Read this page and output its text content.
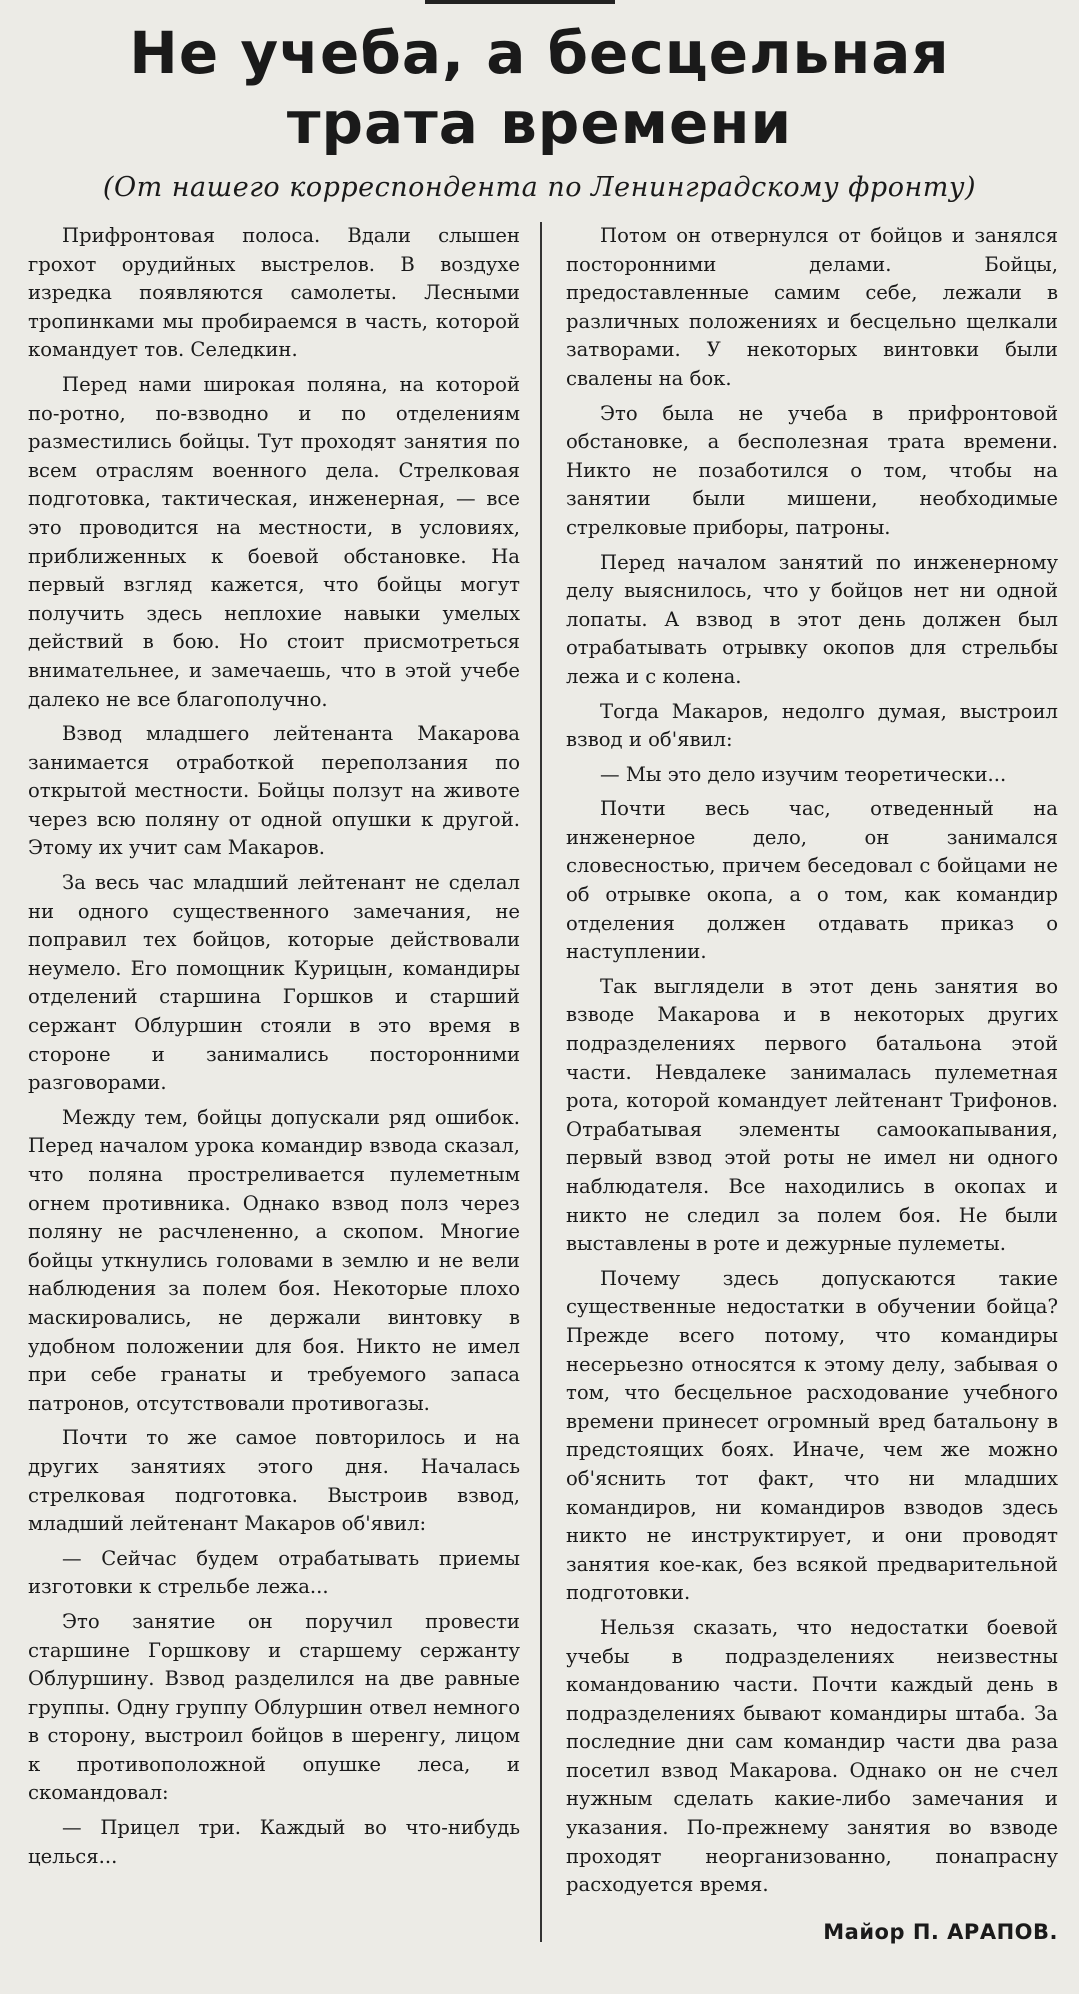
Не учеба, а бесцельная
трата времени
(От нашего корреспондента по Ленинградскому фронту)

Прифронтовая полоса. Вдали слышен грохот орудийных выстрелов. В воздухе изредка появляются самолеты. Лесными тропинками мы пробираемся в часть, которой командует тов. Селедкин.

Перед нами широкая поляна, на которой по-ротно, по-взводно и по отделениям разместились бойцы. Тут проходят занятия по всем отраслям военного дела. Стрелковая подготовка, тактическая, инженерная, — все это проводится на местности, в условиях, приближенных к боевой обстановке. На первый взгляд кажется, что бойцы могут получить здесь неплохие навыки умелых действий в бою. Но стоит присмотреться внимательнее, и замечаешь, что в этой учебе далеко не все благополучно.

Взвод младшего лейтенанта Макарова занимается отработкой переползания по открытой местности. Бойцы ползут на животе через всю поляну от одной опушки к другой. Этому их учит сам Макаров.

За весь час младший лейтенант не сделал ни одного существенного замечания, не поправил тех бойцов, которые действовали неумело. Его помощник Курицын, командиры отделений старшина Горшков и старший сержант Облуршин стояли в это время в стороне и занимались посторонними разговорами.

Между тем, бойцы допускали ряд ошибок. Перед началом урока командир взвода сказал, что поляна простреливается пулеметным огнем противника. Однако взвод полз через поляну не расчлененно, а скопом. Многие бойцы уткнулись головами в землю и не вели наблюдения за полем боя. Некоторые плохо маскировались, не держали винтовку в удобном положении для боя. Никто не имел при себе гранаты и требуемого запаса патронов, отсутствовали противогазы.

Почти то же самое повторилось и на других занятиях этого дня. Началась стрелковая подготовка. Выстроив взвод, младший лейтенант Макаров об'явил:

— Сейчас будем отрабатывать приемы изготовки к стрельбе лежа...

Это занятие он поручил провести старшине Горшкову и старшему сержанту Облуршину. Взвод разделился на две равные группы. Одну группу Облуршин отвел немного в сторону, выстроил бойцов в шеренгу, лицом к противоположной опушке леса, и скомандовал:

— Прицел три. Каждый во что-нибудь целься...

Потом он отвернулся от бойцов и занялся посторонними делами. Бойцы, предоставленные самим себе, лежали в различных положениях и бесцельно щелкали затворами. У некоторых винтовки были свалены на бок.

Это была не учеба в прифронтовой обстановке, а бесполезная трата времени. Никто не позаботился о том, чтобы на занятии были мишени, необходимые стрелковые приборы, патроны.

Перед началом занятий по инженерному делу выяснилось, что у бойцов нет ни одной лопаты. А взвод в этот день должен был отрабатывать отрывку окопов для стрельбы лежа и с колена.

Тогда Макаров, недолго думая, выстроил взвод и об'явил:

— Мы это дело изучим теоретически...

Почти весь час, отведенный на инженерное дело, он занимался словесностью, причем беседовал с бойцами не об отрывке окопа, а о том, как командир отделения должен отдавать приказ о наступлении.

Так выглядели в этот день занятия во взводе Макарова и в некоторых других подразделениях первого батальона этой части. Невдалеке занималась пулеметная рота, которой командует лейтенант Трифонов. Отрабатывая элементы самоокапывания, первый взвод этой роты не имел ни одного наблюдателя. Все находились в окопах и никто не следил за полем боя. Не были выставлены в роте и дежурные пулеметы.

Почему здесь допускаются такие существенные недостатки в обучении бойца? Прежде всего потому, что командиры несерьезно относятся к этому делу, забывая о том, что бесцельное расходование учебного времени принесет огромный вред батальону в предстоящих боях. Иначе, чем же можно об'яснить тот факт, что ни младших командиров, ни командиров взводов здесь никто не инструктирует, и они проводят занятия кое-как, без всякой предварительной подготовки.

Нельзя сказать, что недостатки боевой учебы в подразделениях неизвестны командованию части. Почти каждый день в подразделениях бывают командиры штаба. За последние дни сам командир части два раза посетил взвод Макарова. Однако он не счел нужным сделать какие-либо замечания и указания. По-прежнему занятия во взводе проходят неорганизованно, понапрасну расходуется время.

Майор П. АРАПОВ.
